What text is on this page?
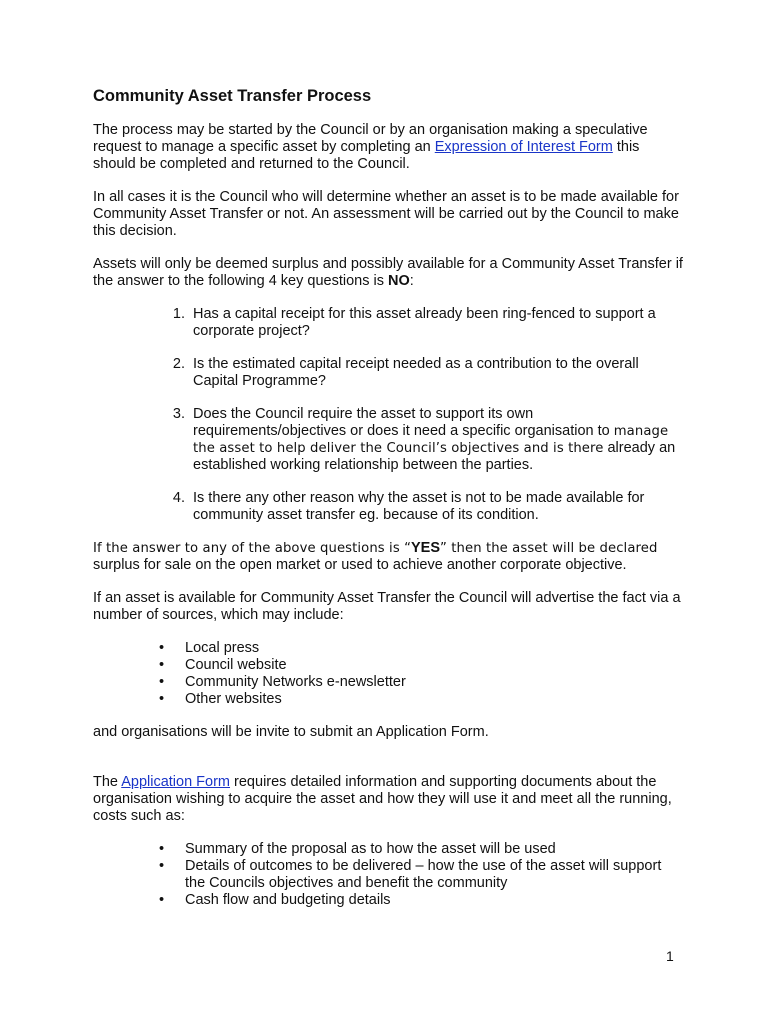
Community Asset Transfer Process

The process may be started by the Council or by an organisation making a speculative request to manage a specific asset by completing an Expression of Interest Form this should be completed and returned to the Council.

In all cases it is the Council who will determine whether an asset is to be made available for Community Asset Transfer or not. An assessment will be carried out by the Council to make this decision.

Assets will only be deemed surplus and possibly available for a Community Asset Transfer if the answer to the following 4 key questions is NO:

1. Has a capital receipt for this asset already been ring-fenced to support a corporate project?
2. Is the estimated capital receipt needed as a contribution to the overall Capital Programme?
3. Does the Council require the asset to support its own requirements/objectives or does it need a specific organisation to manage the asset to help deliver the Council’s objectives and is there already an established working relationship between the parties.
4. Is there any other reason why the asset is not to be made available for community asset transfer eg. because of its condition.

If the answer to any of the above questions is “YES” then the asset will be declared surplus for sale on the open market or used to achieve another corporate objective.

If an asset is available for Community Asset Transfer the Council will advertise the fact via a number of sources, which may include:

• Local press
• Council website
• Community Networks e-newsletter
• Other websites

and organisations will be invite to submit an Application Form.

The Application Form requires detailed information and supporting documents about the organisation wishing to acquire the asset and how they will use it and meet all the running, costs such as:

• Summary of the proposal as to how the asset will be used
• Details of outcomes to be delivered – how the use of the asset will support the Councils objectives and benefit the community
• Cash flow and budgeting details
1
